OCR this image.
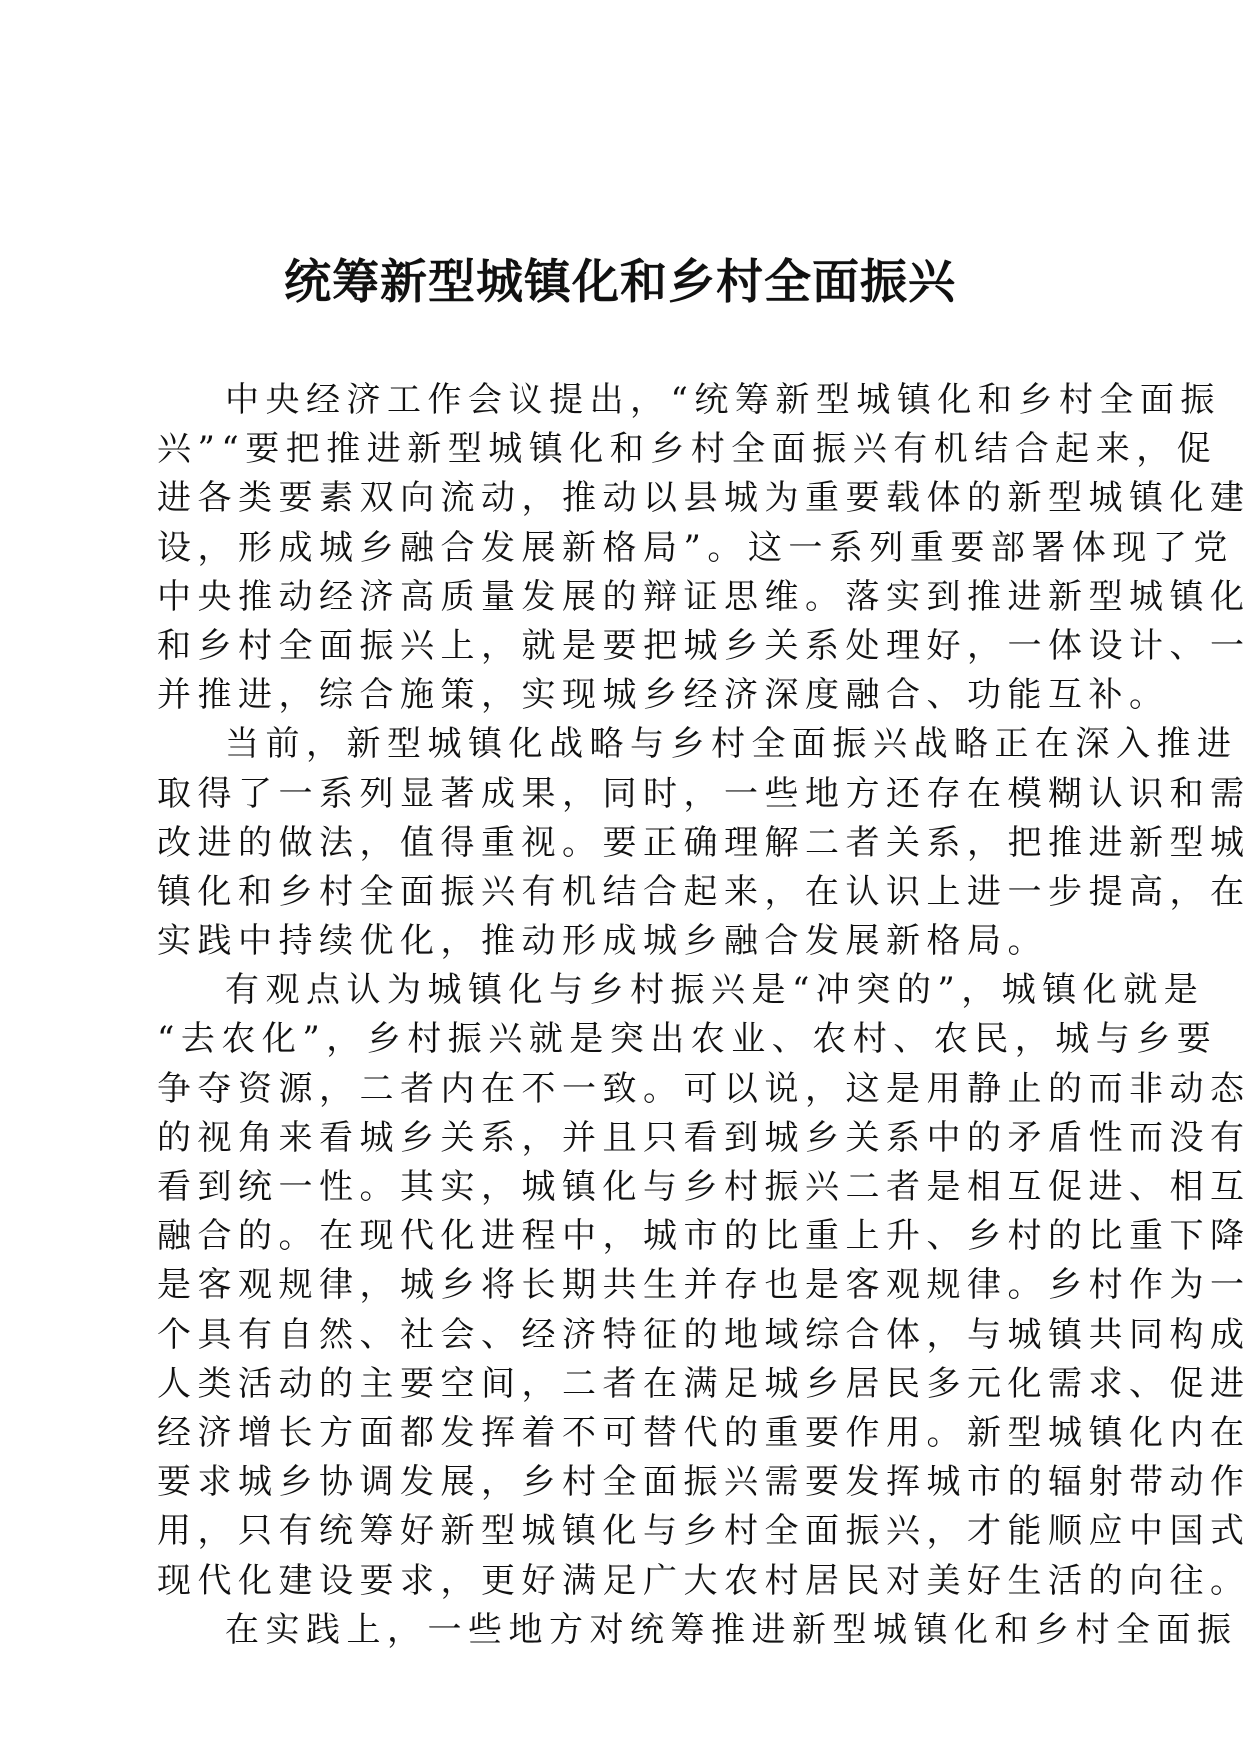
统筹新型城镇化和乡村全面振兴
中央经济工作会议提出，“统筹新型城镇化和乡村全面振
兴”“要把推进新型城镇化和乡村全面振兴有机结合起来，促
进各类要素双向流动，推动以县城为重要载体的新型城镇化建
设，形成城乡融合发展新格局”。这一系列重要部署体现了党
中央推动经济高质量发展的辩证思维。落实到推进新型城镇化
和乡村全面振兴上，就是要把城乡关系处理好，一体设计、一
并推进，综合施策，实现城乡经济深度融合、功能互补。
当前，新型城镇化战略与乡村全面振兴战略正在深入推进
取得了一系列显著成果，同时，一些地方还存在模糊认识和需
改进的做法，值得重视。要正确理解二者关系，把推进新型城
镇化和乡村全面振兴有机结合起来，在认识上进一步提高，在
实践中持续优化，推动形成城乡融合发展新格局。
有观点认为城镇化与乡村振兴是“冲突的”，城镇化就是
“去农化”，乡村振兴就是突出农业、农村、农民，城与乡要
争夺资源，二者内在不一致。可以说，这是用静止的而非动态
的视角来看城乡关系，并且只看到城乡关系中的矛盾性而没有
看到统一性。其实，城镇化与乡村振兴二者是相互促进、相互
融合的。在现代化进程中，城市的比重上升、乡村的比重下降
是客观规律，城乡将长期共生并存也是客观规律。乡村作为一
个具有自然、社会、经济特征的地域综合体，与城镇共同构成
人类活动的主要空间，二者在满足城乡居民多元化需求、促进
经济增长方面都发挥着不可替代的重要作用。新型城镇化内在
要求城乡协调发展，乡村全面振兴需要发挥城市的辐射带动作
用，只有统筹好新型城镇化与乡村全面振兴，才能顺应中国式
现代化建设要求，更好满足广大农村居民对美好生活的向往。
在实践上，一些地方对统筹推进新型城镇化和乡村全面振
